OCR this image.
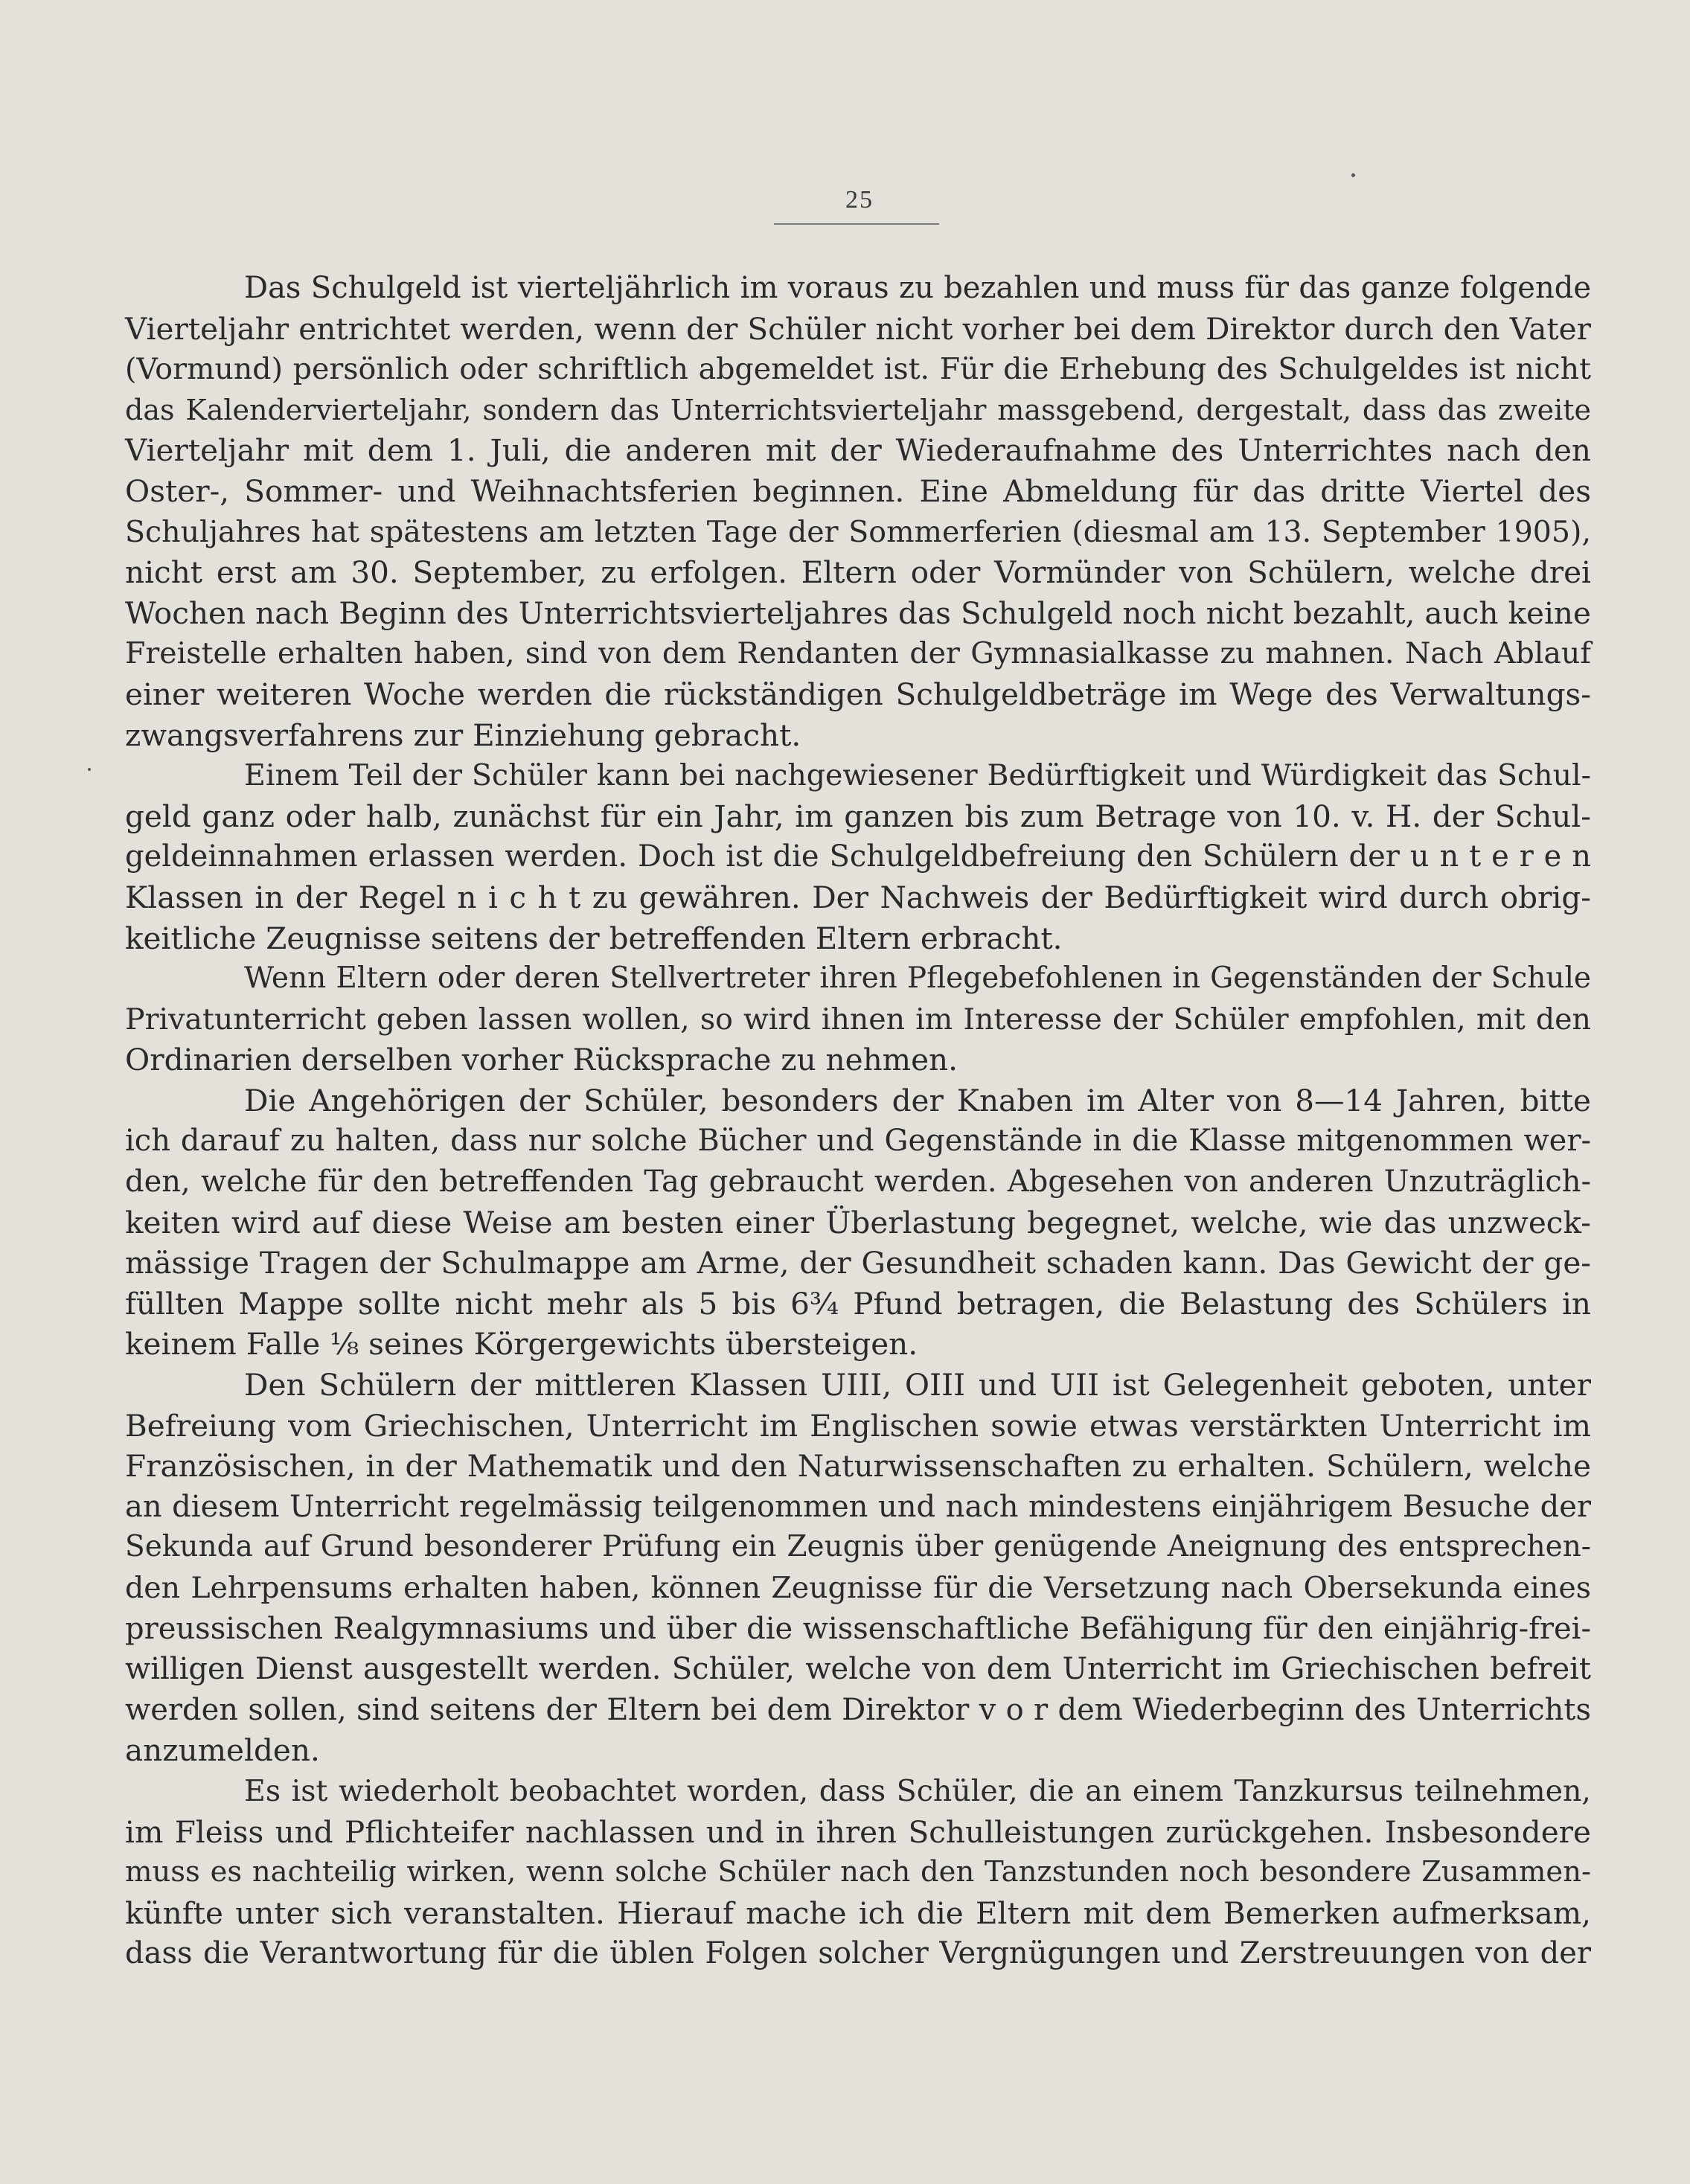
25
Das Schulgeld ist vierteljährlich im voraus zu bezahlen und muss für das ganze folgende
Vierteljahr entrichtet werden, wenn der Schüler nicht vorher bei dem Direktor durch den Vater
(Vormund) persönlich oder schriftlich abgemeldet ist. Für die Erhebung des Schulgeldes ist nicht
das Kalendervierteljahr, sondern das Unterrichtsvierteljahr massgebend, dergestalt, dass das zweite
Vierteljahr mit dem 1. Juli, die anderen mit der Wiederaufnahme des Unterrichtes nach den
Oster-, Sommer- und Weihnachtsferien beginnen. Eine Abmeldung für das dritte Viertel des
Schuljahres hat spätestens am letzten Tage der Sommerferien (diesmal am 13. September 1905),
nicht erst am 30. September, zu erfolgen. Eltern oder Vormünder von Schülern, welche drei
Wochen nach Beginn des Unterrichtsvierteljahres das Schulgeld noch nicht bezahlt, auch keine
Freistelle erhalten haben, sind von dem Rendanten der Gymnasialkasse zu mahnen. Nach Ablauf
einer weiteren Woche werden die rückständigen Schulgeldbeträge im Wege des Verwaltungs-
zwangsverfahrens zur Einziehung gebracht.
Einem Teil der Schüler kann bei nachgewiesener Bedürftigkeit und Würdigkeit das Schul-
geld ganz oder halb, zunächst für ein Jahr, im ganzen bis zum Betrage von 10. v. H. der Schul-
geldeinnahmen erlassen werden. Doch ist die Schulgeldbefreiung den Schülern der u n t e r e n
Klassen in der Regel n i c h t zu gewähren. Der Nachweis der Bedürftigkeit wird durch obrig-
keitliche Zeugnisse seitens der betreffenden Eltern erbracht.
Wenn Eltern oder deren Stellvertreter ihren Pflegebefohlenen in Gegenständen der Schule
Privatunterricht geben lassen wollen, so wird ihnen im Interesse der Schüler empfohlen, mit den
Ordinarien derselben vorher Rücksprache zu nehmen.
Die Angehörigen der Schüler, besonders der Knaben im Alter von 8—14 Jahren, bitte
ich darauf zu halten, dass nur solche Bücher und Gegenstände in die Klasse mitgenommen wer-
den, welche für den betreffenden Tag gebraucht werden. Abgesehen von anderen Unzuträglich-
keiten wird auf diese Weise am besten einer Überlastung begegnet, welche, wie das unzweck-
mässige Tragen der Schulmappe am Arme, der Gesundheit schaden kann. Das Gewicht der ge-
füllten Mappe sollte nicht mehr als 5 bis 6¾ Pfund betragen, die Belastung des Schülers in
keinem Falle ⅛ seines Körgergewichts übersteigen.
Den Schülern der mittleren Klassen UIII, OIII und UII ist Gelegenheit geboten, unter
Befreiung vom Griechischen, Unterricht im Englischen sowie etwas verstärkten Unterricht im
Französischen, in der Mathematik und den Naturwissenschaften zu erhalten. Schülern, welche
an diesem Unterricht regelmässig teilgenommen und nach mindestens einjährigem Besuche der
Sekunda auf Grund besonderer Prüfung ein Zeugnis über genügende Aneignung des entsprechen-
den Lehrpensums erhalten haben, können Zeugnisse für die Versetzung nach Obersekunda eines
preussischen Realgymnasiums und über die wissenschaftliche Befähigung für den einjährig-frei-
willigen Dienst ausgestellt werden. Schüler, welche von dem Unterricht im Griechischen befreit
werden sollen, sind seitens der Eltern bei dem Direktor v o r dem Wiederbeginn des Unterrichts
anzumelden.
Es ist wiederholt beobachtet worden, dass Schüler, die an einem Tanzkursus teilnehmen,
im Fleiss und Pflichteifer nachlassen und in ihren Schulleistungen zurückgehen. Insbesondere
muss es nachteilig wirken, wenn solche Schüler nach den Tanzstunden noch besondere Zusammen-
künfte unter sich veranstalten. Hierauf mache ich die Eltern mit dem Bemerken aufmerksam,
dass die Verantwortung für die üblen Folgen solcher Vergnügungen und Zerstreuungen von der
